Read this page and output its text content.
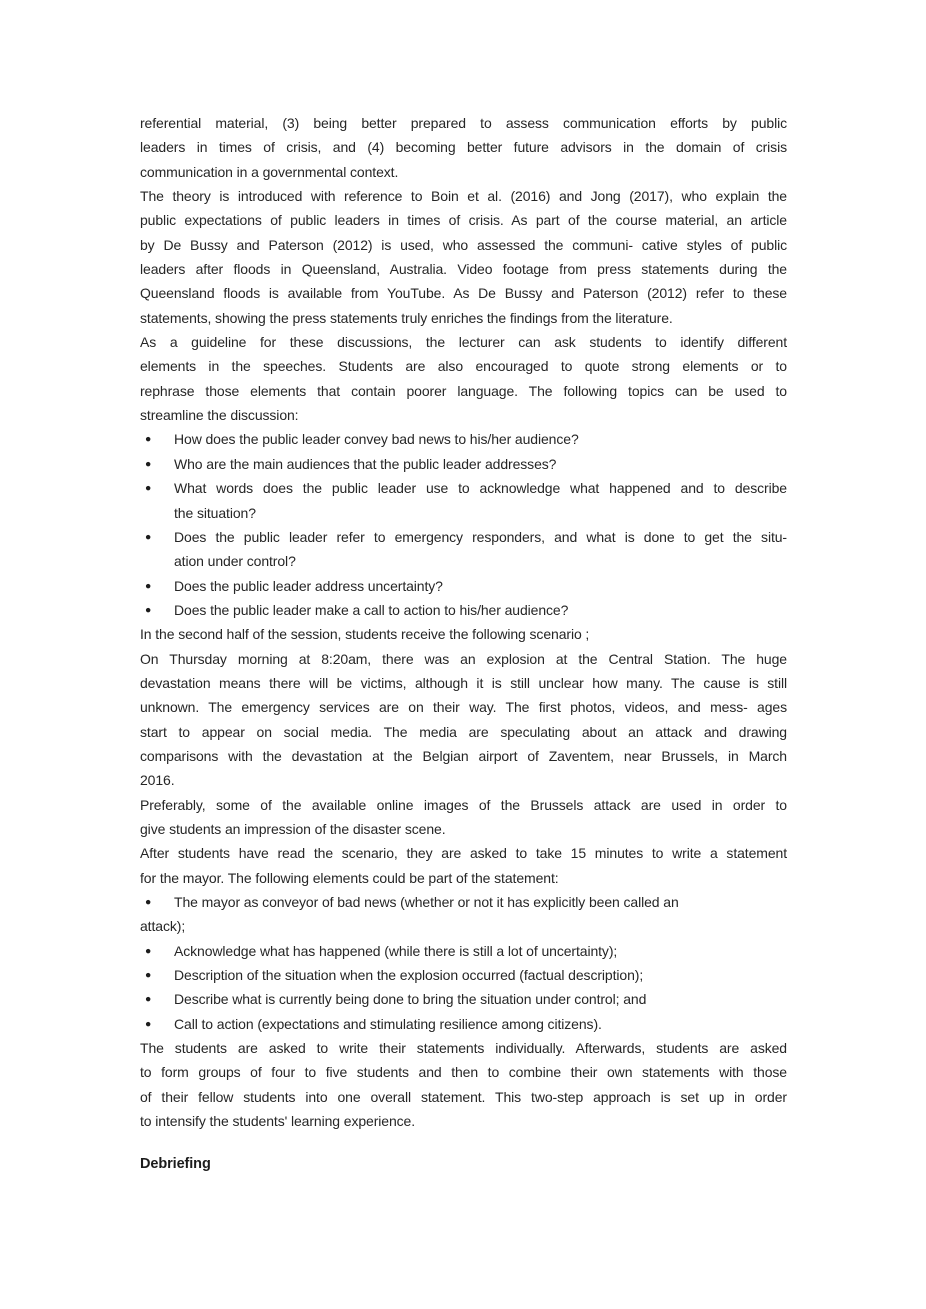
referential material, (3) being better prepared to assess communication efforts by public
leaders in times of crisis, and (4) becoming better future advisors in the domain of crisis
communication in a governmental context.
The theory is introduced with reference to Boin et al. (2016) and Jong (2017), who explain the
public expectations of public leaders in times of crisis. As part of the course material, an article
by De Bussy and Paterson (2012) is used, who assessed the communi- cative styles of public
leaders after floods in Queensland, Australia. Video footage from press statements during the
Queensland floods is available from YouTube. As De Bussy and Paterson (2012) refer to these
statements, showing the press statements truly enriches the findings from the literature.
As a guideline for these discussions, the lecturer can ask students to identify different
elements in the speeches. Students are also encouraged to quote strong elements or to
rephrase those elements that contain poorer language. The following topics can be used to
streamline the discussion:
● How does the public leader convey bad news to his/her audience?
● Who are the main audiences that the public leader addresses?
● What words does the public leader use to acknowledge what happened and to describe
the situation?
● Does the public leader refer to emergency responders, and what is done to get the situ-
ation under control?
● Does the public leader address uncertainty?
● Does the public leader make a call to action to his/her audience?
In the second half of the session, students receive the following scenario ;
On Thursday morning at 8:20am, there was an explosion at the Central Station. The huge
devastation means there will be victims, although it is still unclear how many. The cause is still
unknown. The emergency services are on their way. The first photos, videos, and mess- ages
start to appear on social media. The media are speculating about an attack and drawing
comparisons with the devastation at the Belgian airport of Zaventem, near Brussels, in March
2016.
Preferably, some of the available online images of the Brussels attack are used in order to
give students an impression of the disaster scene.
After students have read the scenario, they are asked to take 15 minutes to write a statement
for the mayor. The following elements could be part of the statement:
● The mayor as conveyor of bad news (whether or not it has explicitly been called an
attack);
● Acknowledge what has happened (while there is still a lot of uncertainty);
● Description of the situation when the explosion occurred (factual description);
● Describe what is currently being done to bring the situation under control; and
● Call to action (expectations and stimulating resilience among citizens).
The students are asked to write their statements individually. Afterwards, students are asked
to form groups of four to five students and then to combine their own statements with those
of their fellow students into one overall statement. This two-step approach is set up in order
to intensify the students' learning experience.
Debriefing
